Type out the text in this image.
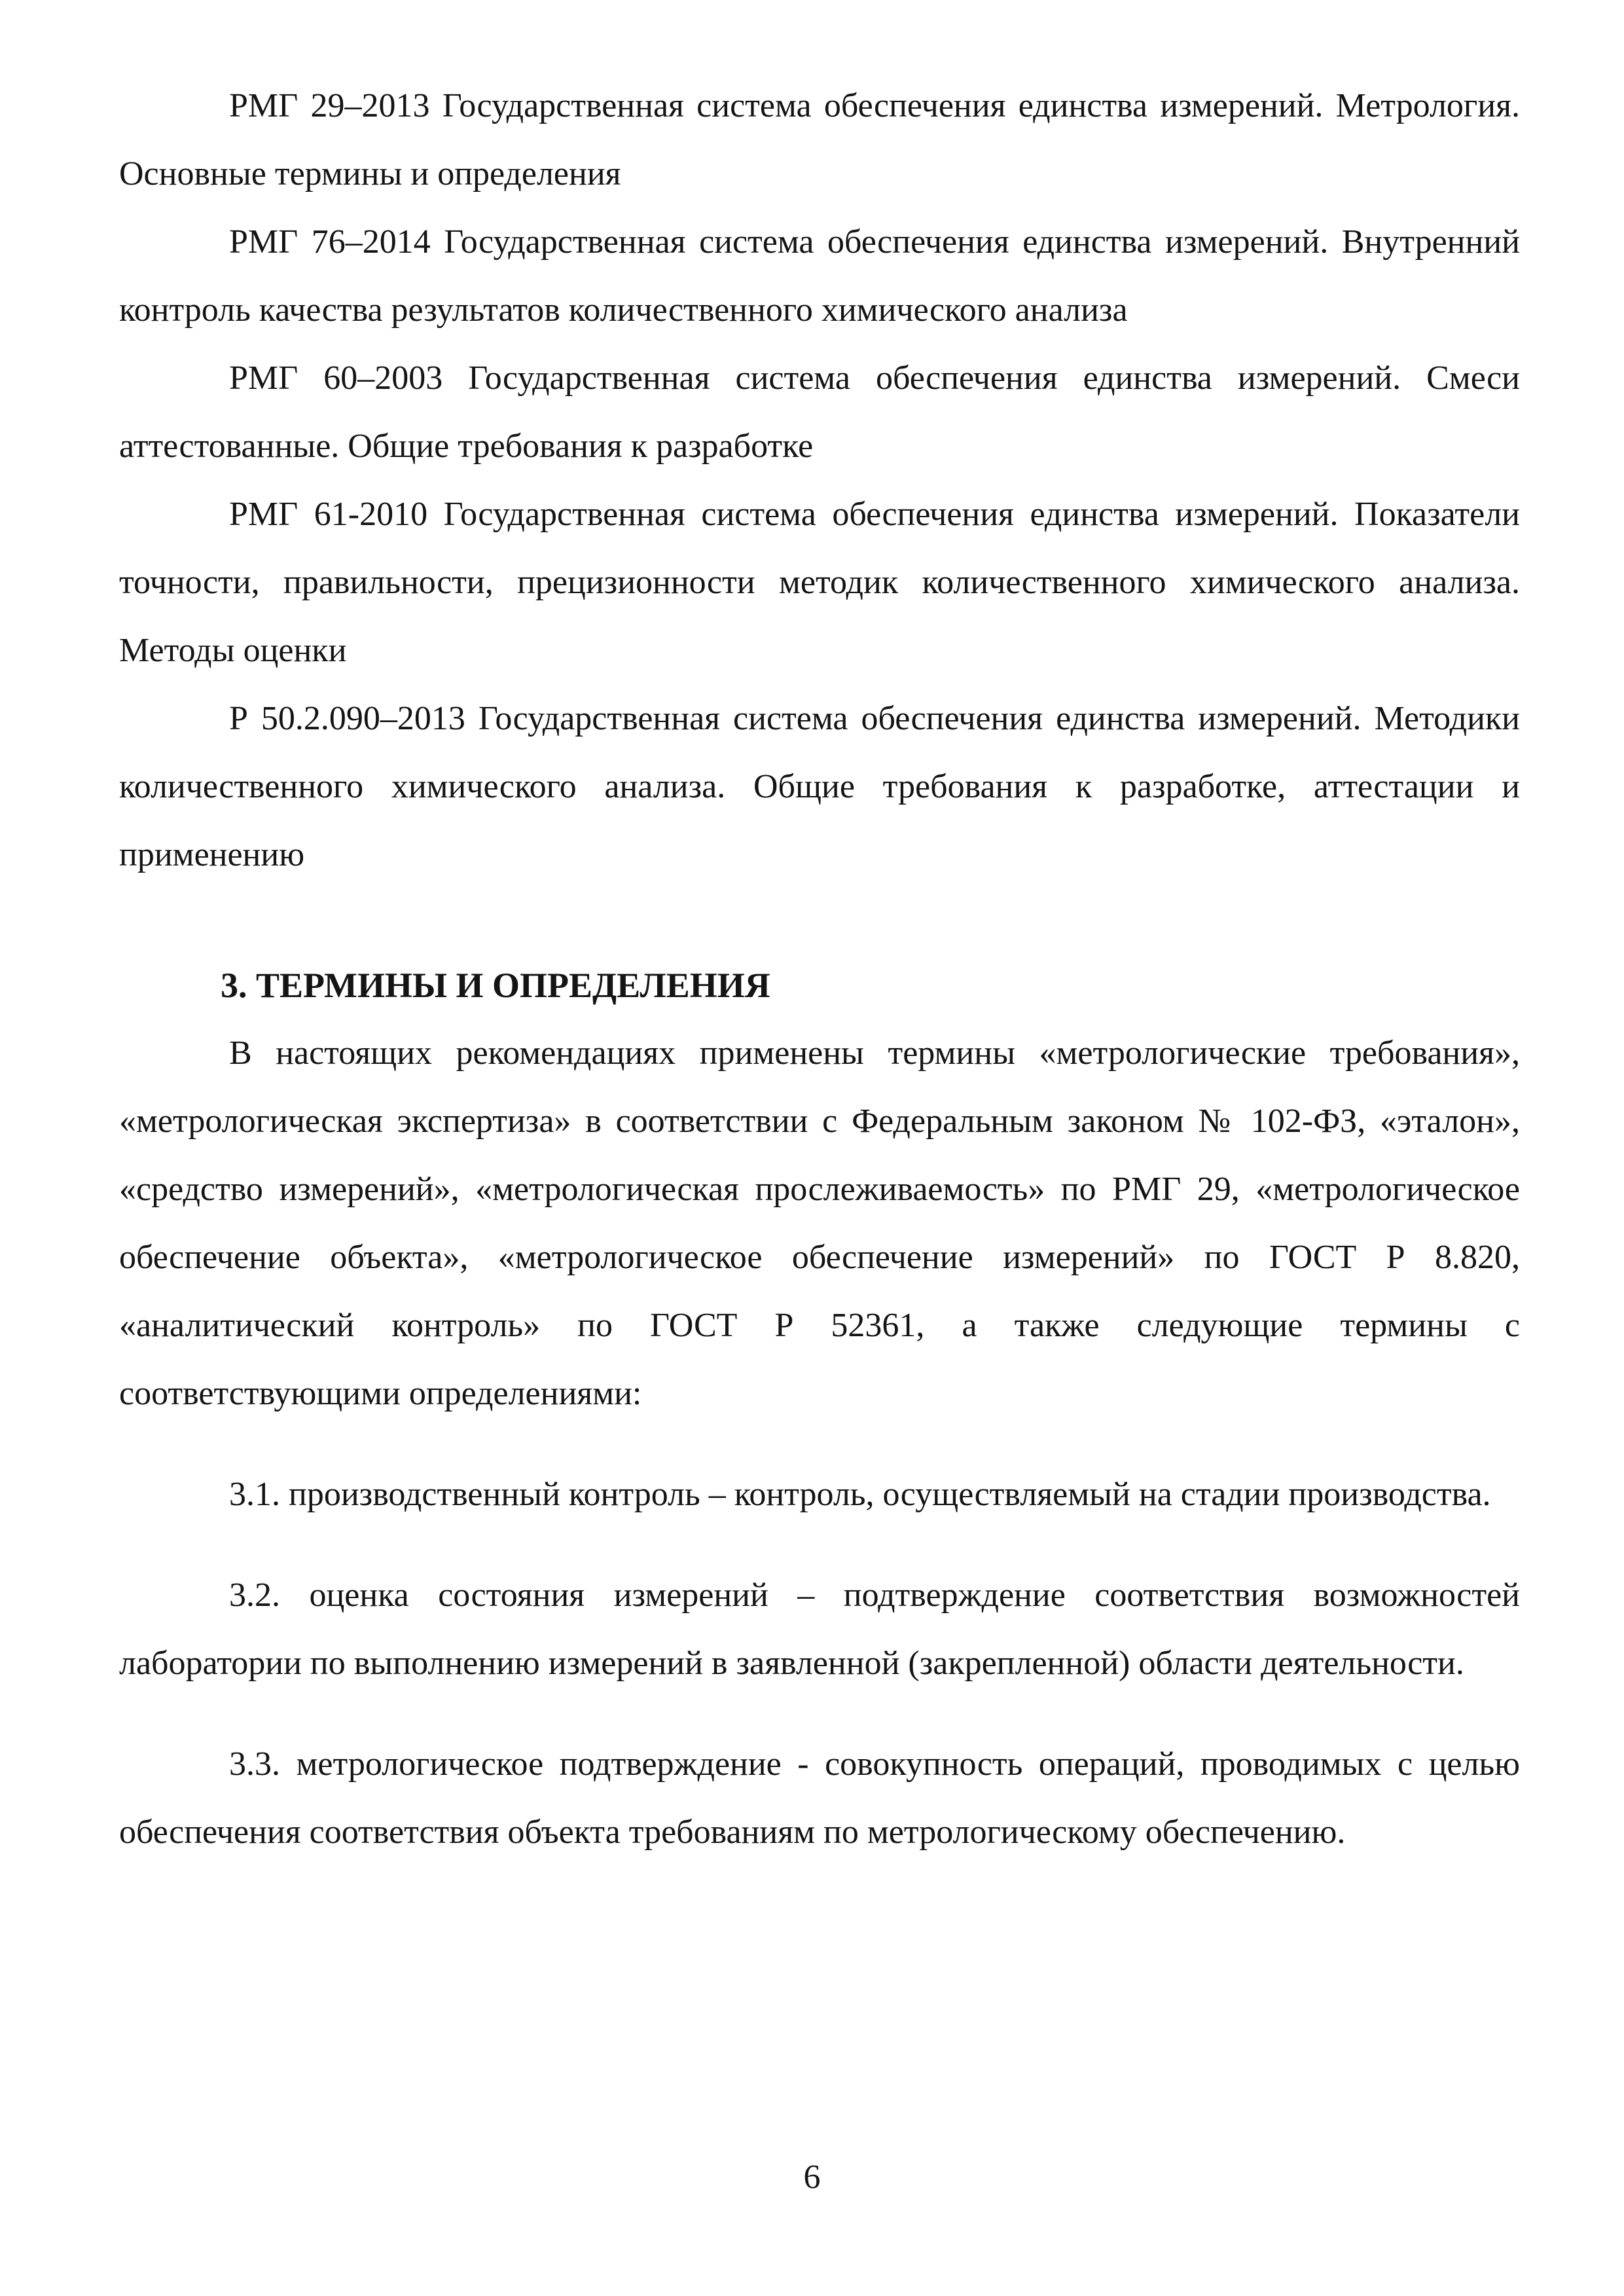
РМГ 29–2013 Государственная система обеспечения единства измерений. Метрология. Основные термины и определения

РМГ 76–2014 Государственная система обеспечения единства измерений. Внутренний контроль качества результатов количественного химического анализа

РМГ 60–2003 Государственная система обеспечения единства измерений. Смеси аттестованные. Общие требования к разработке

РМГ 61-2010 Государственная система обеспечения единства измерений. Показатели точности, правильности, прецизионности методик количественного химического анализа. Методы оценки

Р 50.2.090–2013 Государственная система обеспечения единства измерений. Методики количественного химического анализа. Общие требования к разработке, аттестации и применению

3. ТЕРМИНЫ И ОПРЕДЕЛЕНИЯ

В настоящих рекомендациях применены термины «метрологические требования», «метрологическая экспертиза» в соответствии с Федеральным законом № 102-ФЗ, «эталон», «средство измерений», «метрологическая прослеживаемость» по РМГ 29, «метрологическое обеспечение объекта», «метрологическое обеспечение измерений» по ГОСТ Р 8.820, «аналитический контроль» по ГОСТ Р 52361, а также следующие термины с соответствующими определениями:

3.1. производственный контроль – контроль, осуществляемый на стадии производства.

3.2. оценка состояния измерений – подтверждение соответствия возможностей лаборатории по выполнению измерений в заявленной (закрепленной) области деятельности.

3.3. метрологическое подтверждение - совокупность операций, проводимых с целью обеспечения соответствия объекта требованиям по метрологическому обеспечению.

6
